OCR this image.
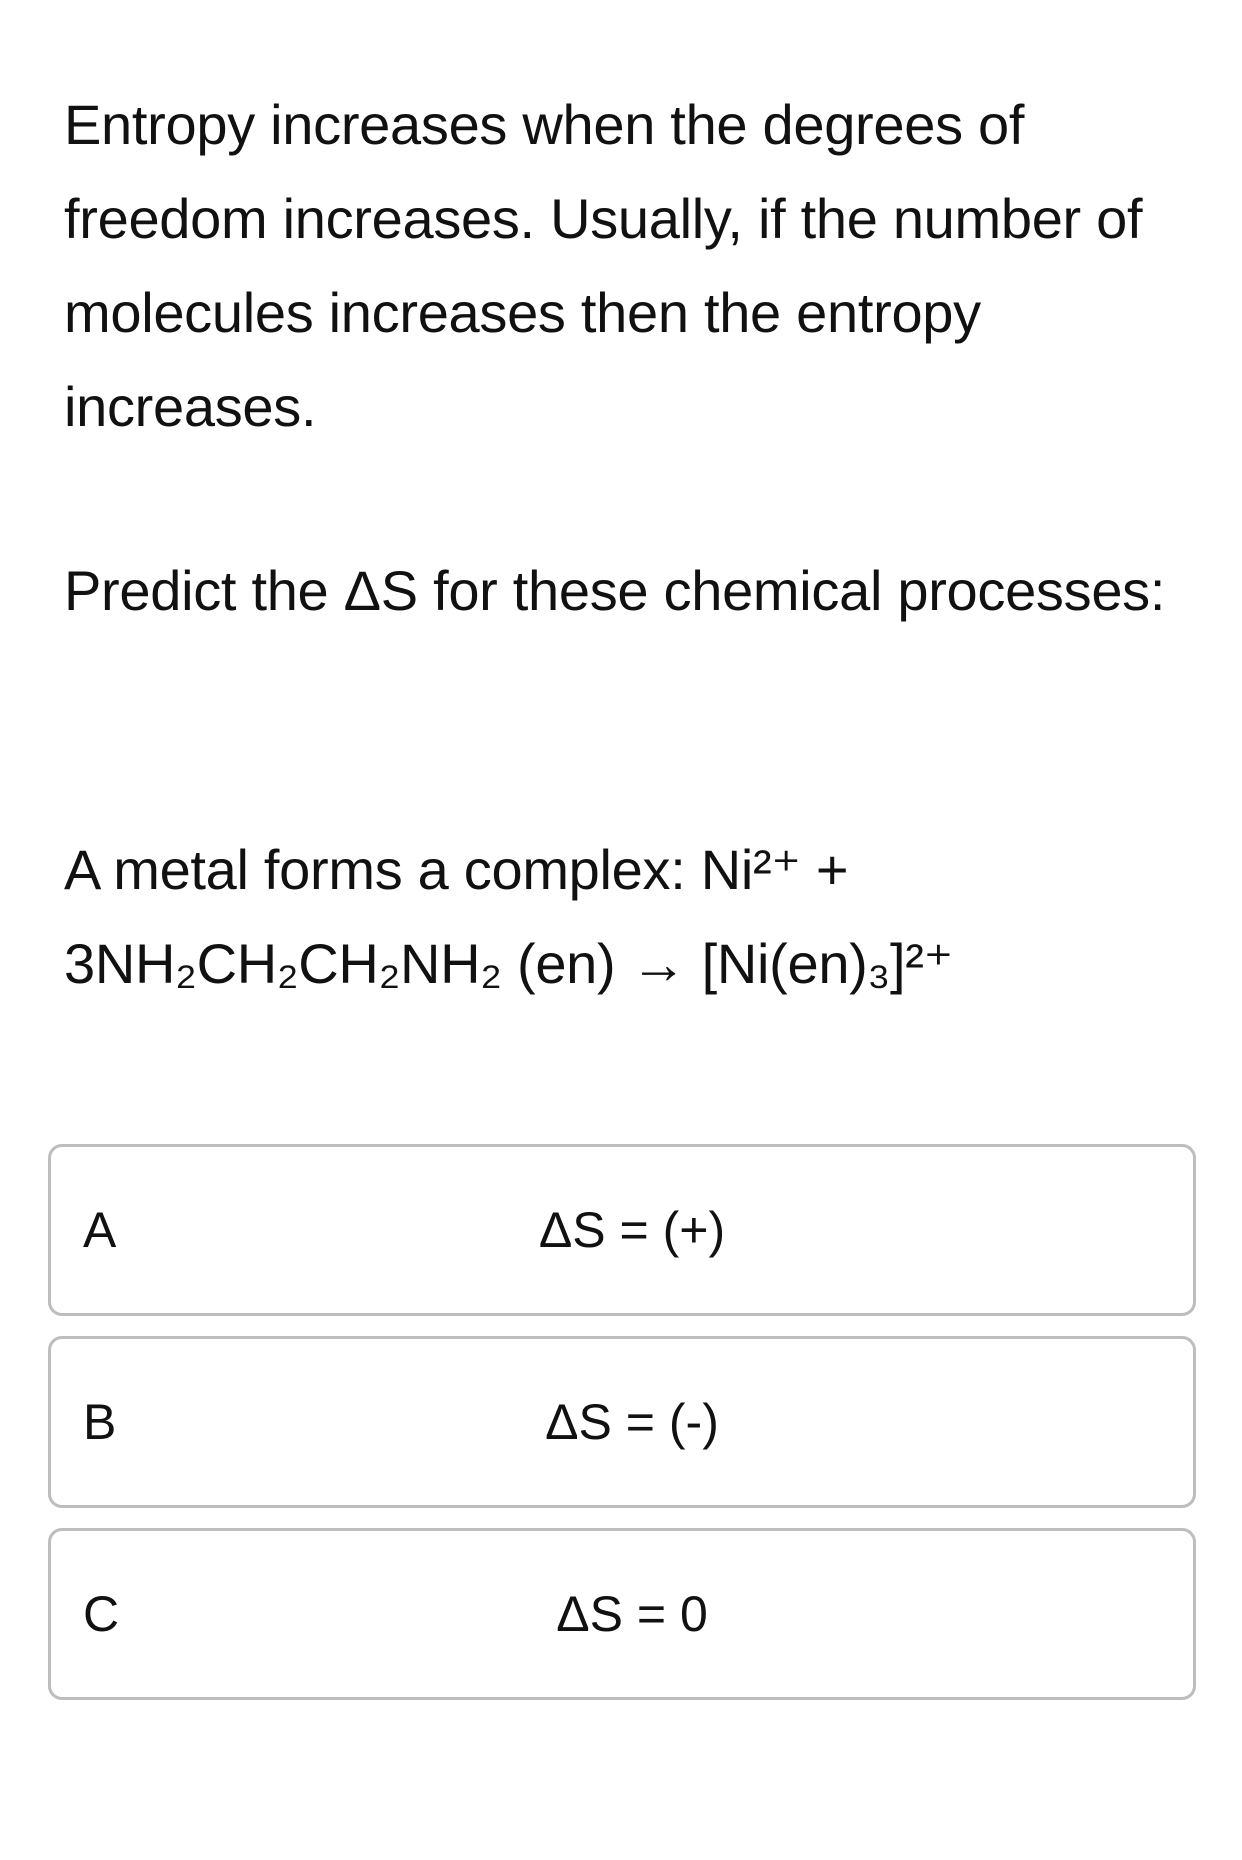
Entropy increases when the degrees of freedom increases. Usually, if the number of molecules increases then the entropy increases.

Predict the ΔS for these chemical processes:

A metal forms a complex: Ni²⁺ + 3NH₂CH₂CH₂NH₂ (en) → [Ni(en)₃]²⁺

A	ΔS = (+)
B	ΔS = (-)
C	ΔS = 0
